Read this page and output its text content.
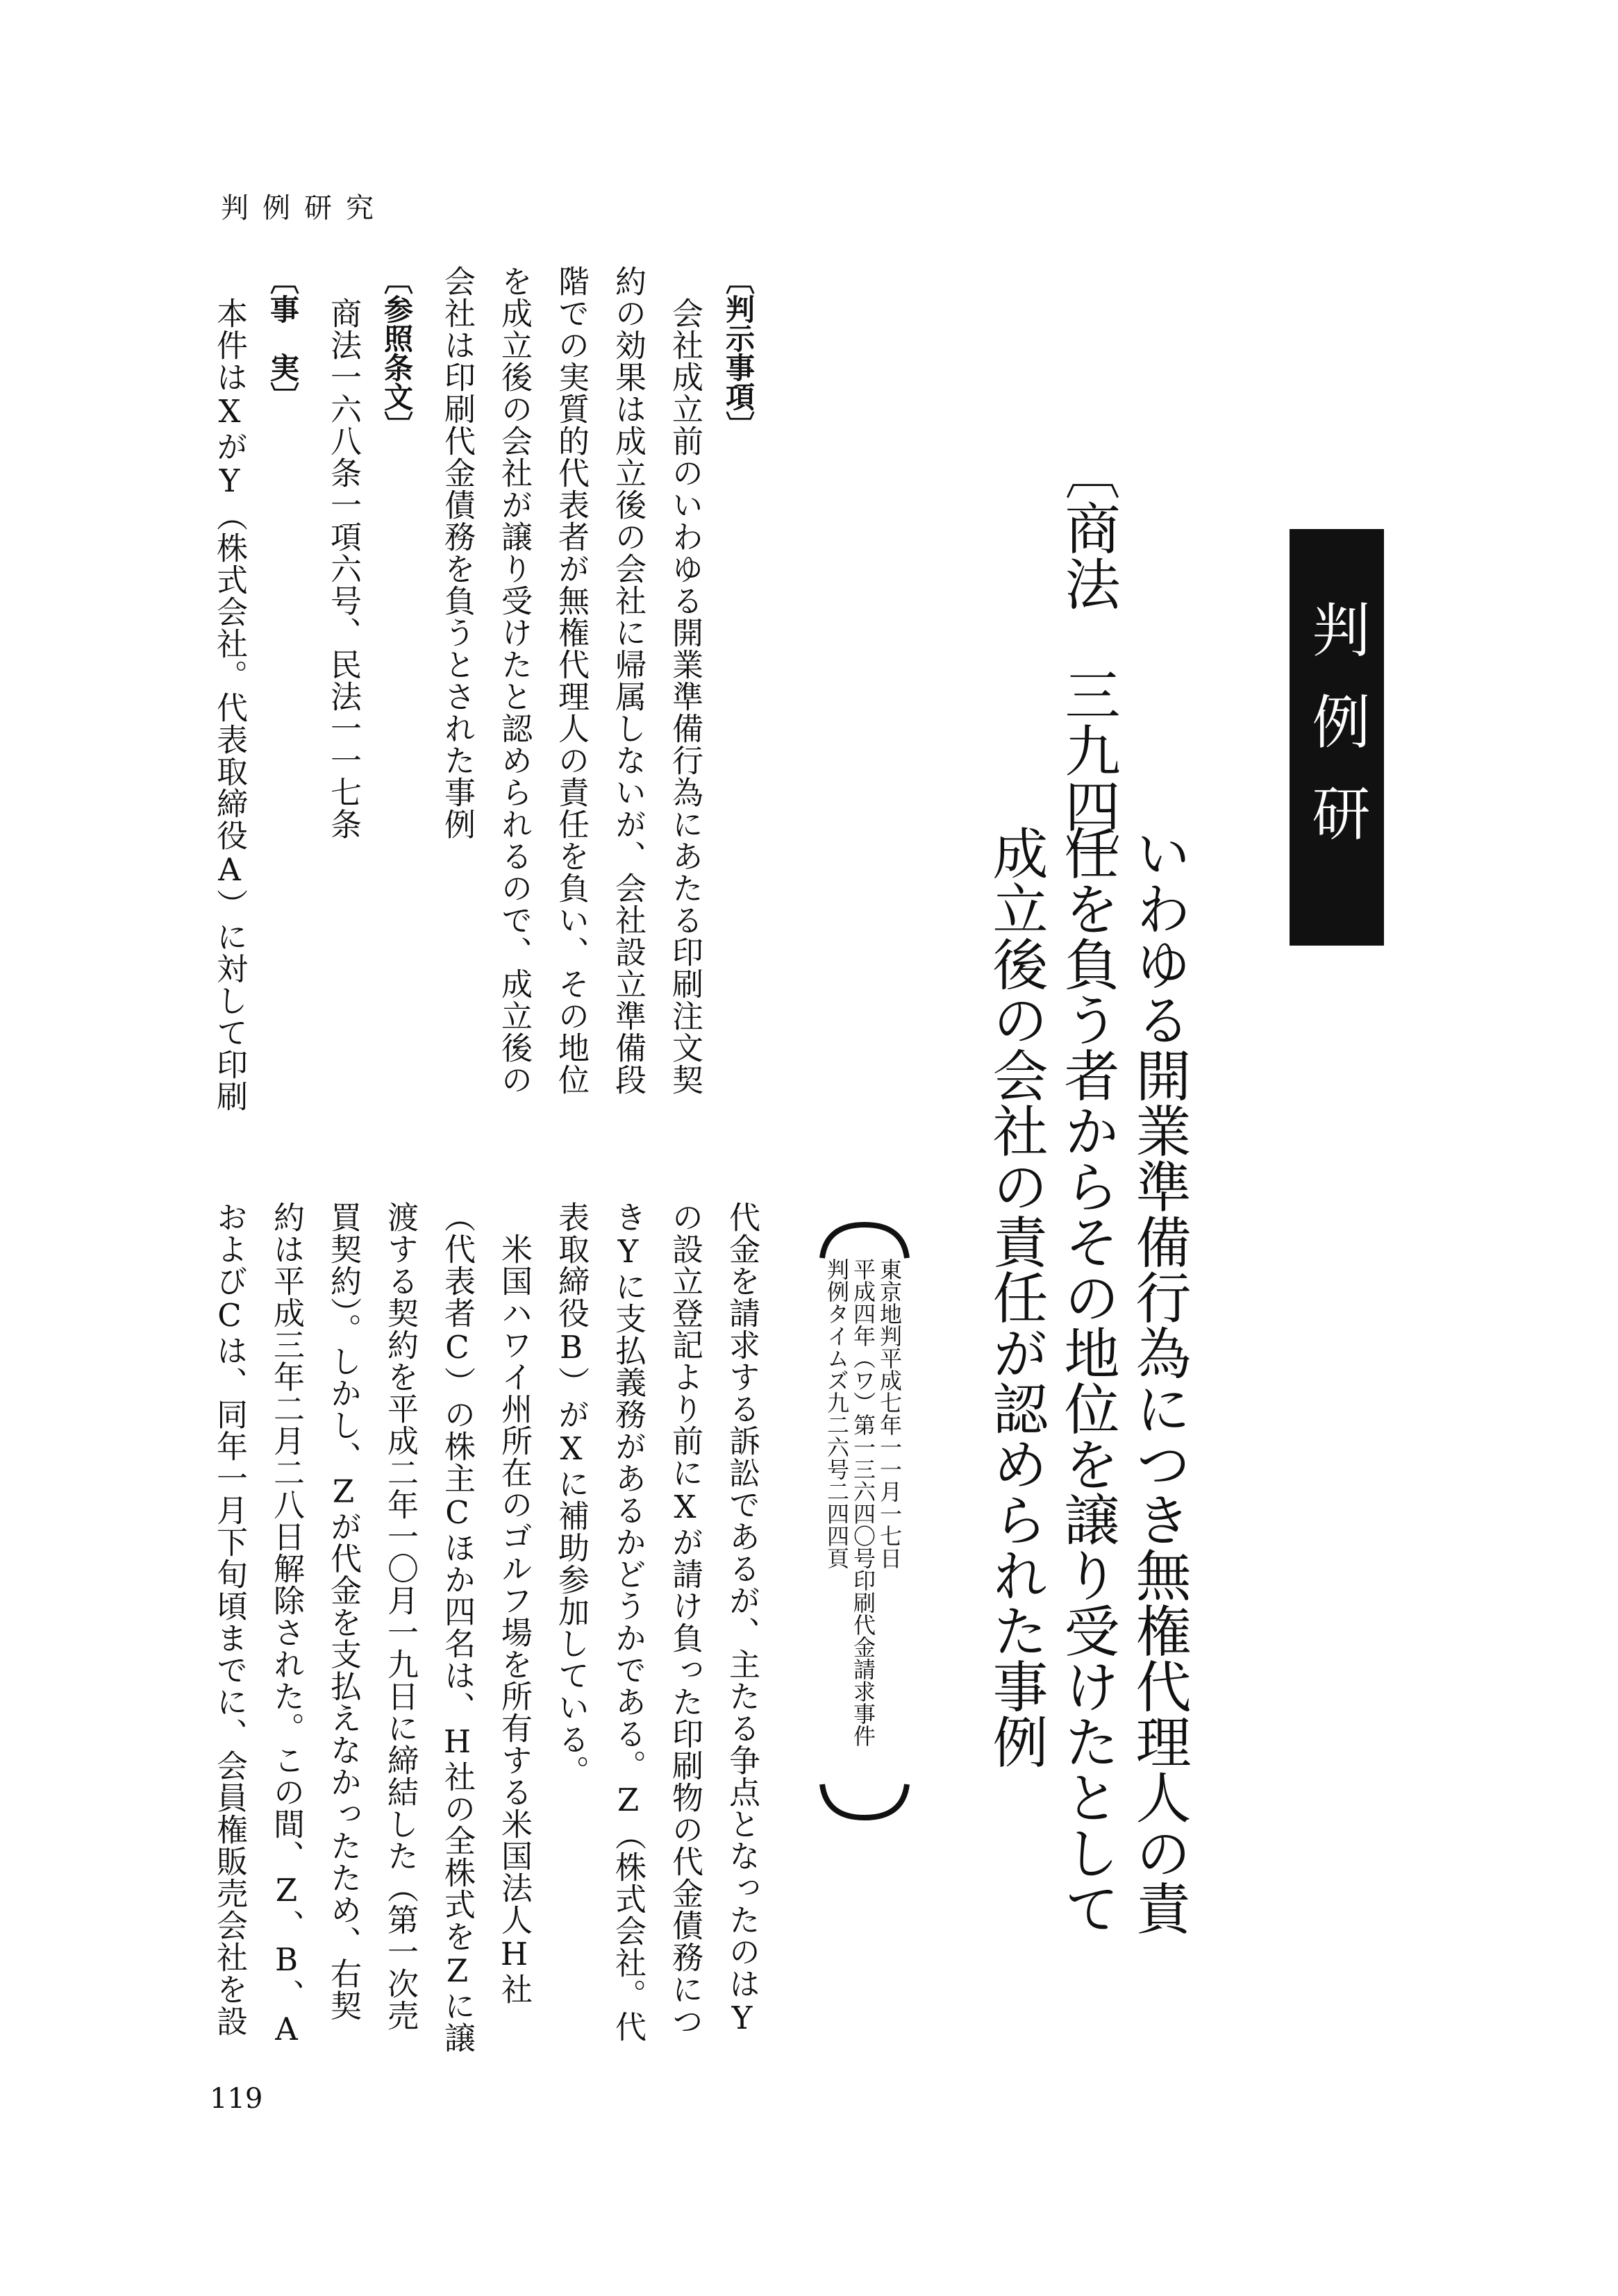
判例研究
判例研究
いわゆる開業準備行為につき無権代理人の責
任を負う者からその地位を譲り受けたとして
成立後の会社の責任が認められた事例
〔商法　三九四〕
東京地判平成七年一一月一七日
平成四年（ワ）第一三六四〇号印刷代金請求事件
判例タイムズ九二六号二四四頁
〔判示事項〕
　会社成立前のいわゆる開業準備行為にあたる印刷注文契
約の効果は成立後の会社に帰属しないが、会社設立準備段
階での実質的代表者が無権代理人の責任を負い、その地位
を成立後の会社が譲り受けたと認められるので、成立後の
会社は印刷代金債務を負うとされた事例
〔参照条文〕
　商法一六八条一項六号、民法一一七条
〔事　実〕
　本件はXがY（株式会社。代表取締役A）に対して印刷
代金を請求する訴訟であるが、主たる争点となったのはY
の設立登記より前にXが請け負った印刷物の代金債務につ
きYに支払義務があるかどうかである。Z（株式会社。代
表取締役B）がXに補助参加している。
　米国ハワイ州所在のゴルフ場を所有する米国法人H社
（代表者C）の株主Cほか四名は、H社の全株式をZに譲
渡する契約を平成二年一〇月一九日に締結した（第一次売
買契約）。しかし、Zが代金を支払えなかったため、右契
約は平成三年二月二八日解除された。この間、Z、B、A
およびCは、同年一月下旬頃までに、会員権販売会社を設
119
